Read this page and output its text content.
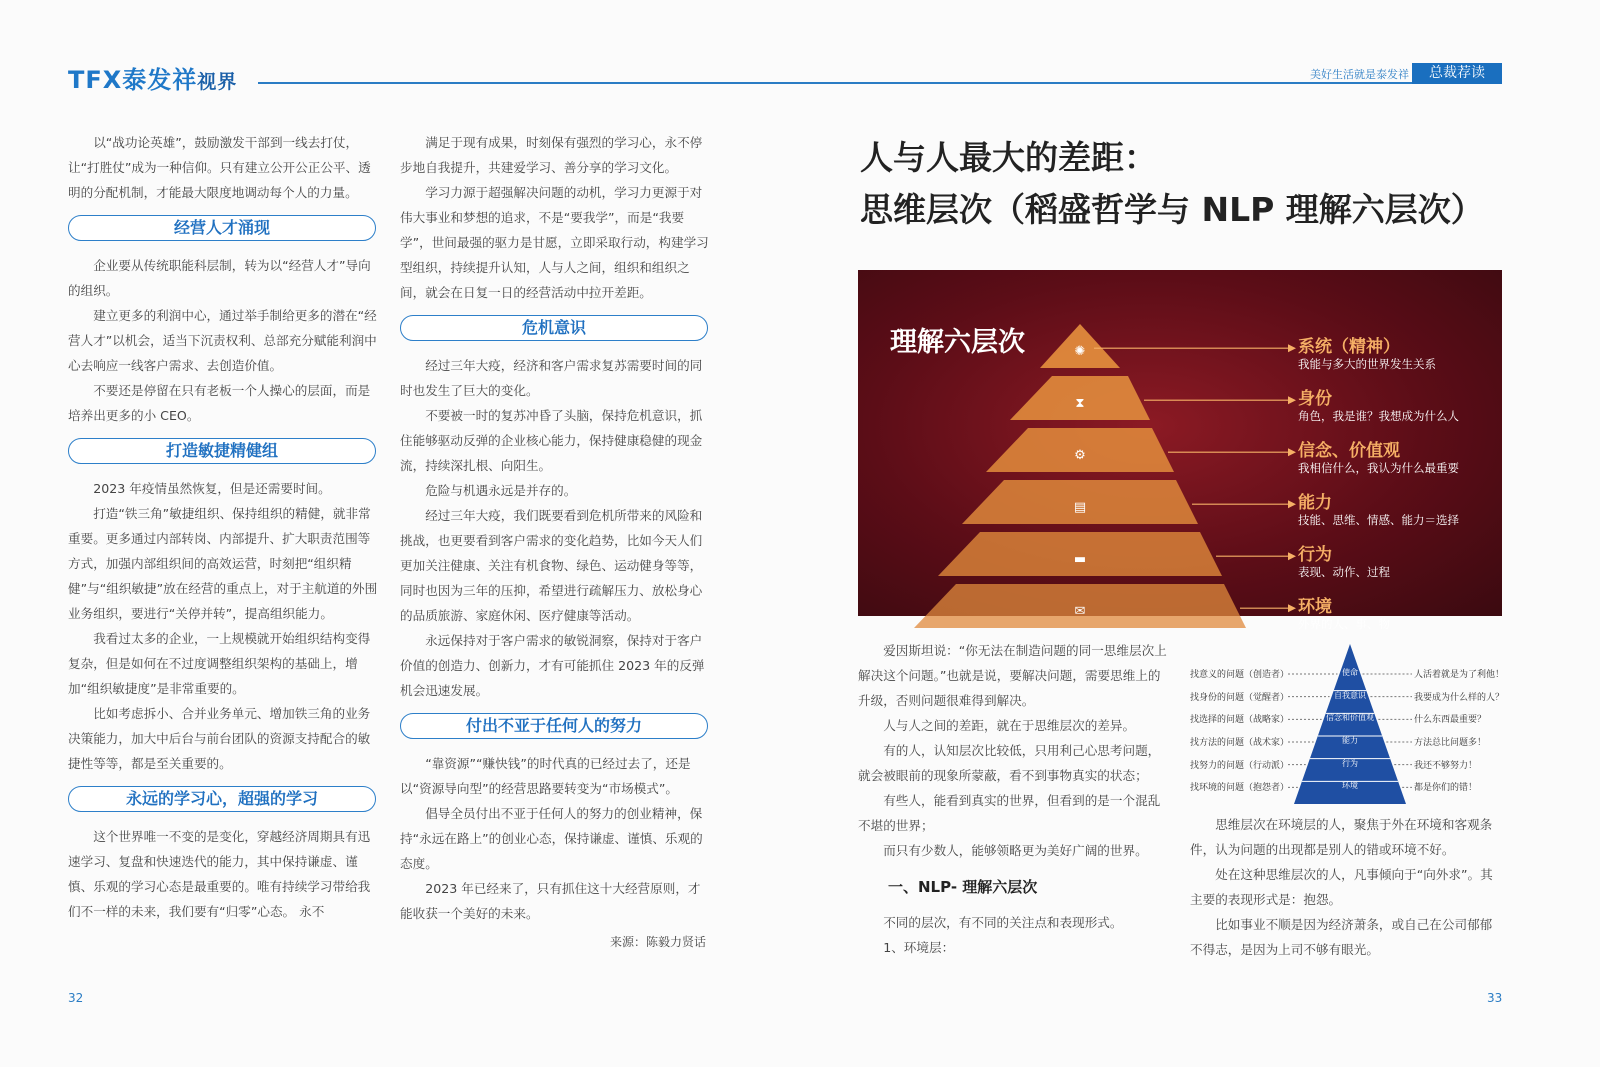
TFX泰发祥视界	美好生活就是泰发祥	总裁荐读

以“战功论英雄”，鼓励激发干部到一线去打仗，让“打胜仗”成为一种信仰。只有建立公开公正公平、透明的分配机制，才能最大限度地调动每个人的力量。

经营人才涌现

企业要从传统职能科层制，转为以“经营人才”导向的组织。

建立更多的利润中心，通过举手制给更多的潜在“经营人才”以机会，适当下沉责权利、总部充分赋能利润中心去响应一线客户需求、去创造价值。

不要还是停留在只有老板一个人操心的层面，而是培养出更多的小 CEO。

打造敏捷精健组

2023 年疫情虽然恢复，但是还需要时间。

打造“铁三角”敏捷组织、保持组织的精健，就非常重要。更多通过内部转岗、内部提升、扩大职责范围等方式，加强内部组织间的高效运营，时刻把“组织精健”与“组织敏捷”放在经营的重点上，对于主航道的外围业务组织，要进行“关停并转”，提高组织能力。

我看过太多的企业，一上规模就开始组织结构变得复杂，但是如何在不过度调整组织架构的基础上，增加“组织敏捷度”是非常重要的。

比如考虑拆小、合并业务单元、增加铁三角的业务决策能力，加大中后台与前台团队的资源支持配合的敏捷性等等，都是至关重要的。

永远的学习心，超强的学习

这个世界唯一不变的是变化，穿越经济周期具有迅速学习、复盘和快速迭代的能力，其中保持谦虚、谨慎、乐观的学习心态是最重要的。唯有持续学习带给我们不一样的未来，我们要有“归零”心态。 永不

满足于现有成果，时刻保有强烈的学习心，永不停步地自我提升，共建爱学习、善分享的学习文化。

学习力源于超强解决问题的动机，学习力更源于对伟大事业和梦想的追求，不是“要我学”，而是“我要学”，世间最强的驱力是甘愿，立即采取行动，构建学习型组织，持续提升认知，人与人之间，组织和组织之间，就会在日复一日的经营活动中拉开差距。

危机意识

经过三年大疫，经济和客户需求复苏需要时间的同时也发生了巨大的变化。

不要被一时的复苏冲昏了头脑，保持危机意识，抓住能够驱动反弹的企业核心能力，保持健康稳健的现金流，持续深扎根、向阳生。

危险与机遇永远是并存的。

经过三年大疫，我们既要看到危机所带来的风险和挑战，也更要看到客户需求的变化趋势，比如今天人们更加关注健康、关注有机食物、绿色、运动健身等等，同时也因为三年的压抑，希望进行疏解压力、放松身心的品质旅游、家庭休闲、医疗健康等活动。

永远保持对于客户需求的敏锐洞察，保持对于客户价值的创造力、创新力，才有可能抓住 2023 年的反弹机会迅速发展。

付出不亚于任何人的努力

“靠资源”“赚快钱”的时代真的已经过去了，还是以“资源导向型”的经营思路要转变为“市场模式”。

倡导全员付出不亚于任何人的努力的创业精神，保持“永远在路上”的创业心态，保持谦虚、谨慎、乐观的态度。

2023 年已经来了，只有抓住这十大经营原则，才能收获一个美好的未来。

来源：陈毅力贤话
32
人与人最大的差距：
思维层次（稻盛哲学与 NLP 理解六层次）
理解六层次	✺
⧗
⚙
▤
▬
✉
系统（精神）
我能与多大的世界发生关系
身份
角色，我是谁？我想成为什么人
信念、价值观
我相信什么，我认为什么最重要
能力
技能、思维、情感、能力＝选择
行为
表现、动作、过程
环境
外界的人、事、物

爱因斯坦说：“你无法在制造问题的同一思维层次上解决这个问题。”也就是说，要解决问题，需要思维上的升级，否则问题很难得到解决。

人与人之间的差距，就在于思维层次的差异。

有的人，认知层次比较低，只用利己心思考问题，就会被眼前的现象所蒙蔽，看不到事物真实的状态；

有些人，能看到真实的世界，但看到的是一个混乱不堪的世界；

而只有少数人，能够领略更为美好广阔的世界。

一、NLP- 理解六层次

不同的层次，有不同的关注点和表现形式。

1、环境层：

找意义的问题（创造者）	使命	人活着就是为了利他！
找身份的问题（觉醒者）	自我意识	我要成为什么样的人？
找选择的问题（战略家）	信念和价值观	什么东西最重要？
找方法的问题（战术家）	能力	方法总比问题多！
找努力的问题（行动派）	行为	我还不够努力！
找环境的问题（抱怨者）	环境	都是你们的错！

思维层次在环境层的人，聚焦于外在环境和客观条件，认为问题的出现都是别人的错或环境不好。

处在这种思维层次的人，凡事倾向于“向外求”。其主要的表现形式是：抱怨。

比如事业不顺是因为经济萧条，或自己在公司郁郁不得志，是因为上司不够有眼光。

33
